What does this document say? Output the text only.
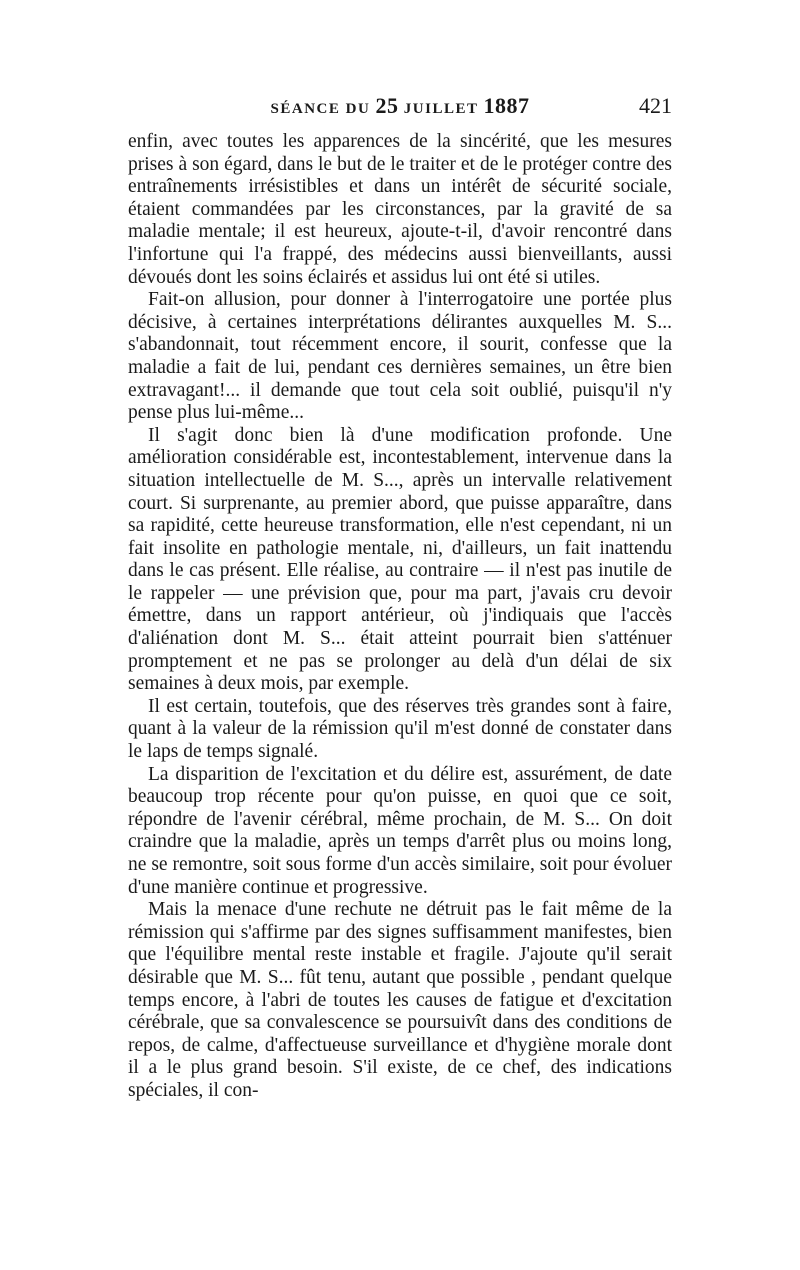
SÉANCE DU 25 JUILLET 1887	421

enfin, avec toutes les apparences de la sincérité, que les mesures prises à son égard, dans le but de le traiter et de le protéger contre des entraînements irrésistibles et dans un intérêt de sécurité sociale, étaient commandées par les circonstances, par la gravité de sa maladie mentale; il est heureux, ajoute-t-il, d'avoir rencontré dans l'infortune qui l'a frappé, des médecins aussi bienveillants, aussi dévoués dont les soins éclairés et assidus lui ont été si utiles.

Fait-on allusion, pour donner à l'interrogatoire une portée plus décisive, à certaines interprétations délirantes auxquelles M. S... s'abandonnait, tout récemment encore, il sourit, confesse que la maladie a fait de lui, pendant ces dernières semaines, un être bien extravagant!... il demande que tout cela soit oublié, puisqu'il n'y pense plus lui-même...

Il s'agit donc bien là d'une modification profonde. Une amélioration considérable est, incontestablement, intervenue dans la situation intellectuelle de M. S..., après un intervalle relativement court. Si surprenante, au premier abord, que puisse apparaître, dans sa rapidité, cette heureuse transformation, elle n'est cependant, ni un fait insolite en pathologie mentale, ni, d'ailleurs, un fait inattendu dans le cas présent. Elle réalise, au contraire — il n'est pas inutile de le rappeler — une prévision que, pour ma part, j'avais cru devoir émettre, dans un rapport antérieur, où j'indiquais que l'accès d'aliénation dont M. S... était atteint pourrait bien s'atténuer promptement et ne pas se prolonger au delà d'un délai de six semaines à deux mois, par exemple.

Il est certain, toutefois, que des réserves très grandes sont à faire, quant à la valeur de la rémission qu'il m'est donné de constater dans le laps de temps signalé.

La disparition de l'excitation et du délire est, assurément, de date beaucoup trop récente pour qu'on puisse, en quoi que ce soit, répondre de l'avenir cérébral, même prochain, de M. S... On doit craindre que la maladie, après un temps d'arrêt plus ou moins long, ne se remontre, soit sous forme d'un accès similaire, soit pour évoluer d'une manière continue et progressive.

Mais la menace d'une rechute ne détruit pas le fait même de la rémission qui s'affirme par des signes suffisamment manifestes, bien que l'équilibre mental reste instable et fragile. J'ajoute qu'il serait désirable que M. S... fût tenu, autant que possible , pendant quelque temps encore, à l'abri de toutes les causes de fatigue et d'excitation cérébrale, que sa convalescence se poursuivît dans des conditions de repos, de calme, d'affectueuse surveillance et d'hygiène morale dont il a le plus grand besoin. S'il existe, de ce chef, des indications spéciales, il con-
